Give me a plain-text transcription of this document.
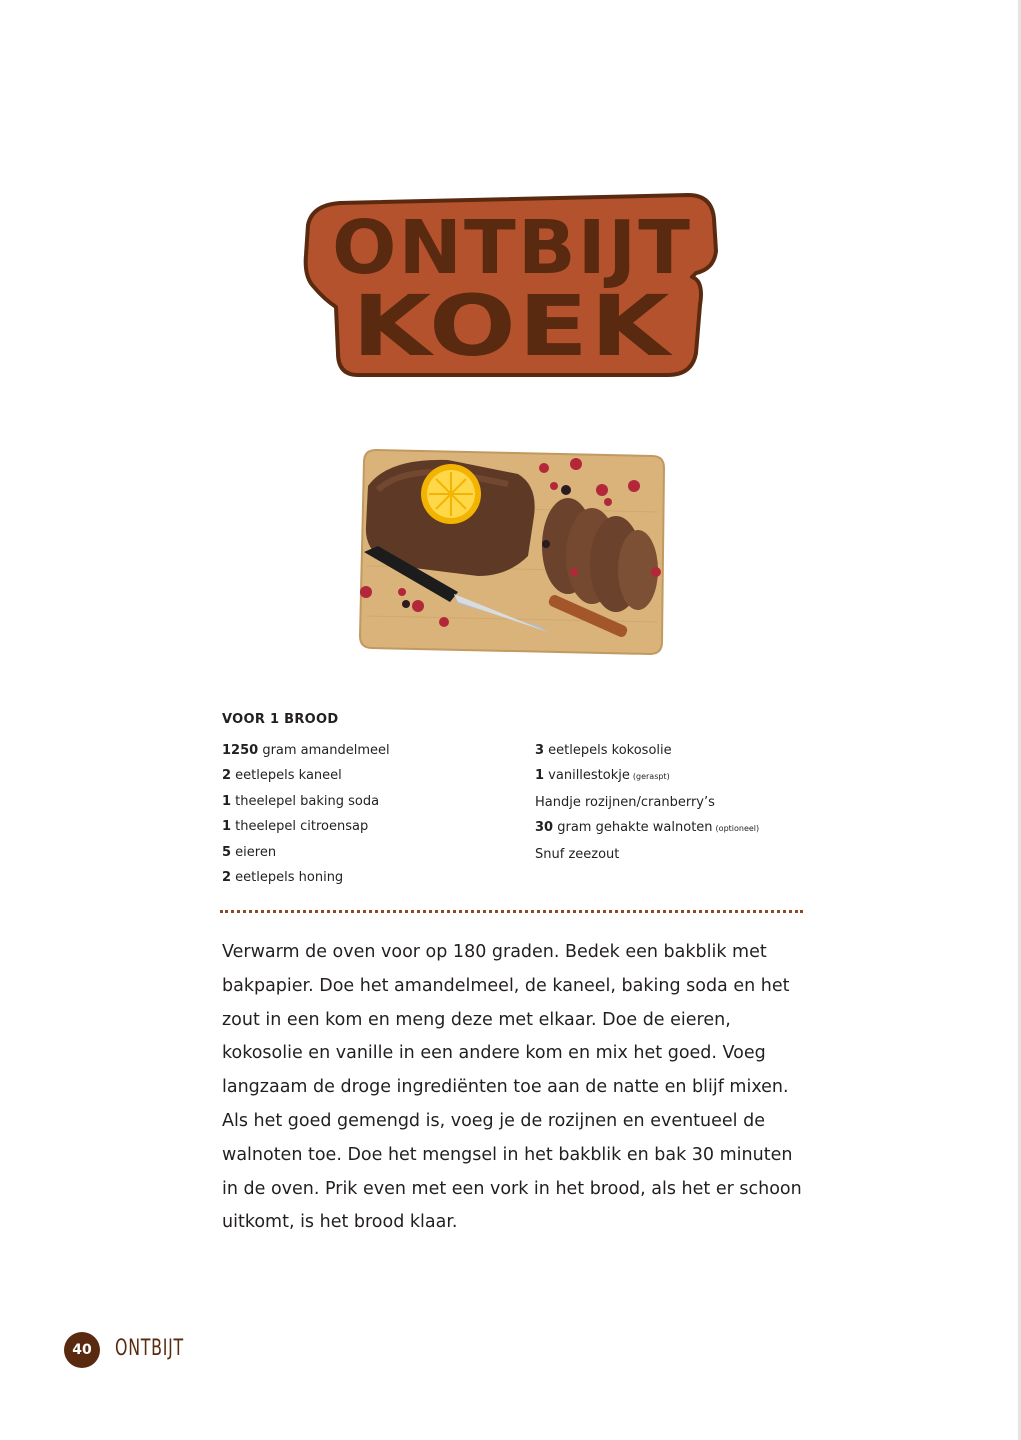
ONTBIJT
KOEK
VOOR 1 BROOD
1250 gram amandelmeel
2 eetlepels kaneel
1 theelepel baking soda
1 theelepel citroensap
5 eieren
2 eetlepels honing
3 eetlepels kokosolie
1 vanillestokje (geraspt)
Handje rozijnen/cranberry’s
30 gram gehakte walnoten (optioneel)
Snuf zeezout

Verwarm de oven voor op 180 graden. Bedek een bakblik met bakpapier. Doe het amandelmeel, de kaneel, baking soda en het zout in een kom en meng deze met elkaar. Doe de eieren, kokosolie en vanille in een andere kom en mix het goed. Voeg langzaam de droge ingrediënten toe aan de natte en blijf mixen. Als het goed gemengd is, voeg je de rozijnen en eventueel de walnoten toe. Doe het mengsel in het bakblik en bak 30 minuten in de oven. Prik even met een vork in het brood, als het er schoon uitkomt, is het brood klaar.

40	ONTBIJT
